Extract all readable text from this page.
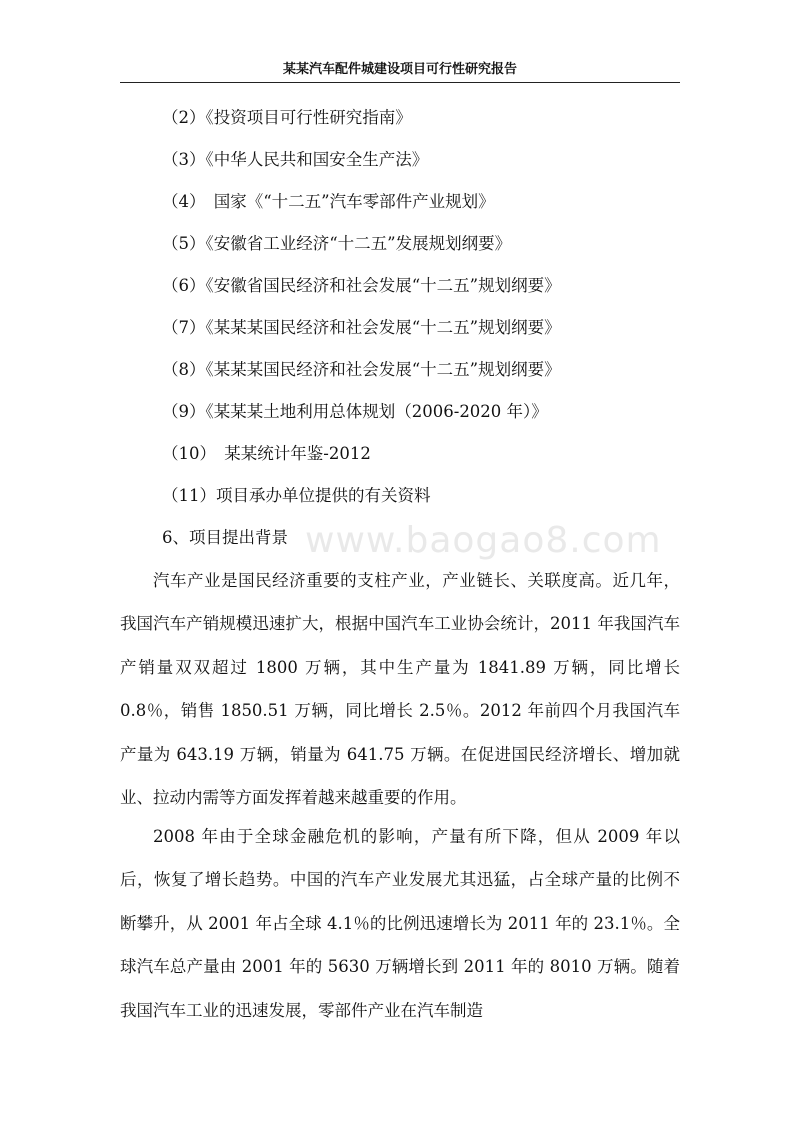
某某汽车配件城建设项目可行性研究报告
www.baogao8.com
（2）《投资项目可行性研究指南》
（3）《中华人民共和国安全生产法》
（4）　国家《“十二五”汽车零部件产业规划》
（5）《安徽省工业经济“十二五”发展规划纲要》
（6）《安徽省国民经济和社会发展“十二五”规划纲要》
（7）《某某某国民经济和社会发展“十二五”规划纲要》
（8）《某某某国民经济和社会发展“十二五”规划纲要》
（9）《某某某土地利用总体规划（2006-2020 年）》
（10）　某某统计年鉴-2012
（11）项目承办单位提供的有关资料
6、项目提出背景

汽车产业是国民经济重要的支柱产业，产业链长、关联度高。近几年，我国汽车产销规模迅速扩大，根据中国汽车工业协会统计，2011 年我国汽车产销量双双超过 1800 万辆，其中生产量为 1841.89 万辆，同比增长 0.8％，销售 1850.51 万辆，同比增长 2.5％。2012 年前四个月我国汽车产量为 643.19 万辆，销量为 641.75 万辆。在促进国民经济增长、增加就业、拉动内需等方面发挥着越来越重要的作用。

2008 年由于全球金融危机的影响，产量有所下降，但从 2009 年以后，恢复了增长趋势。中国的汽车产业发展尤其迅猛，占全球产量的比例不断攀升，从 2001 年占全球 4.1％的比例迅速增长为 2011 年的 23.1％。全球汽车总产量由 2001 年的 5630 万辆增长到 2011 年的 8010 万辆。随着我国汽车工业的迅速发展，零部件产业在汽车制造
